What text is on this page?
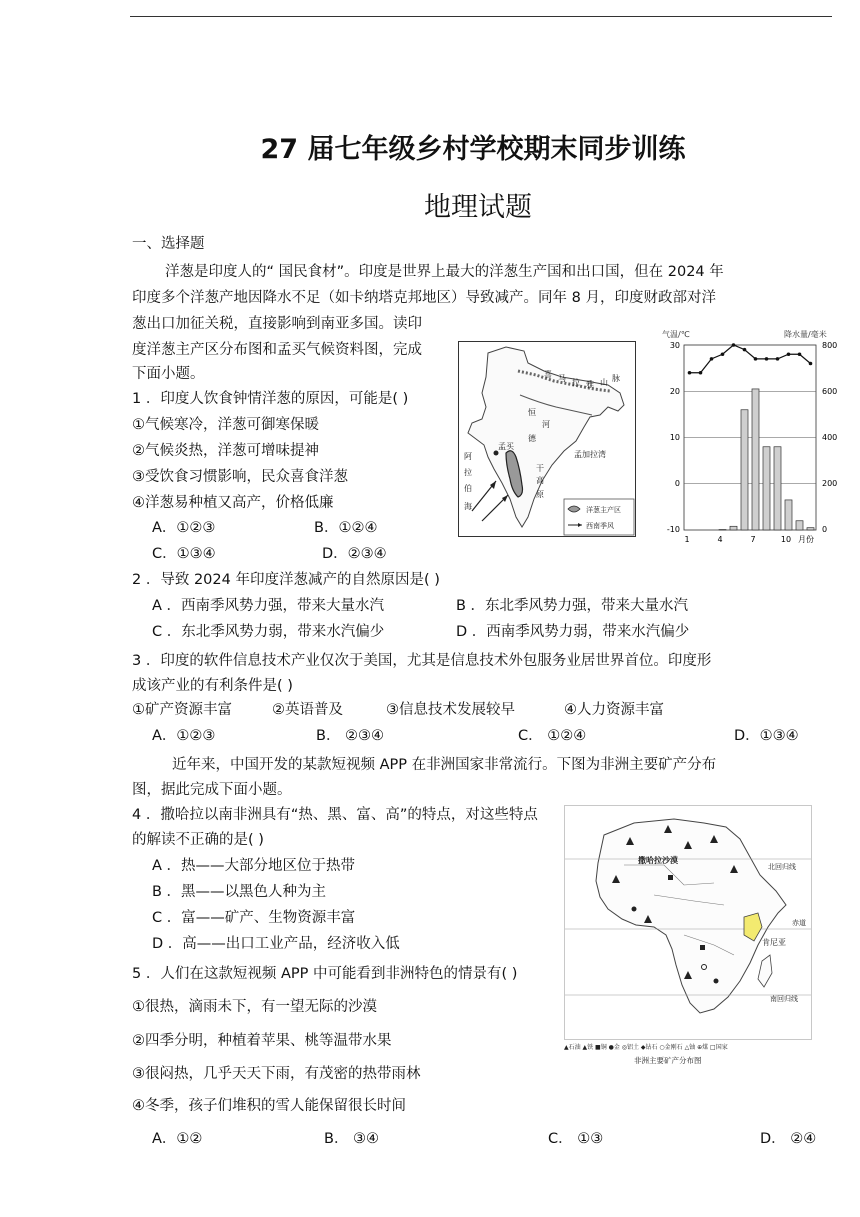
27 届七年级乡村学校期末同步训练
地理试题
一、选择题
洋葱是印度人的“ 国民食材”。印度是世界上最大的洋葱生产国和出口国，但在 2024 年
印度多个洋葱产地因降水不足（如卡纳塔克邦地区）导致减产。同年 8 月，印度财政部对洋
葱出口加征关税，直接影响到南亚多国。读印
度洋葱主产区分布图和孟买气候资料图，完成
下面小题。
1 ．印度人饮食钟情洋葱的原因，可能是( )
①气候寒冷，洋葱可御寒保暖
②气候炎热，洋葱可增味提神
③受饮食习惯影响，民众喜食洋葱
④洋葱易种植又高产，价格低廉
A．①②③	B．①②④
C．①③④	D．②③④
喜 马 拉 雅 山 脉
恒
河
孟买
德
干
高
原
阿
拉
伯
海
孟加拉湾
洋葱主产区
西南季风
气温/℃	降水量/毫米
30
20
10
0
-10
800
600
400
200
0
1	4	7	10 月份
2 ．导致 2024 年印度洋葱减产的自然原因是( )
A ．西南季风势力强，带来大量水汽	B ．东北季风势力强，带来大量水汽
C ．东北季风势力弱，带来水汽偏少	D ．西南季风势力弱，带来水汽偏少
3 ．印度的软件信息技术产业仅次于美国，尤其是信息技术外包服务业居世界首位。印度形
成该产业的有利条件是( )
①矿产资源丰富	②英语普及	③信息技术发展较早	④人力资源丰富
A．①②③	B． ②③④	C． ①②④	D．①③④
近年来，中国开发的某款短视频 APP 在非洲国家非常流行。下图为非洲主要矿产分布
图，据此完成下面小题。
4 ．撒哈拉以南非洲具有“热、黑、富、高”的特点，对这些特点
的解读不正确的是( )
A ．热——大部分地区位于热带
B ．黑——以黑色人种为主
C ．富——矿产、生物资源丰富
D ．高——出口工业产品，经济收入低
撒哈拉沙漠
北回归线
赤道
南回归线
肯尼亚
▲石油 ▲铁 ■铜 ●金 ◎铝土 ◆钻石 ○金刚石 △铀 ⊕煤 □国家
非洲主要矿产分布图
5 ．人们在这款短视频 APP 中可能看到非洲特色的情景有( )
①很热，滴雨未下，有一望无际的沙漠
②四季分明，种植着苹果、桃等温带水果
③很闷热，几乎天天下雨，有茂密的热带雨林
④冬季，孩子们堆积的雪人能保留很长时间
A．①②	B． ③④	C． ①③	D． ②④
